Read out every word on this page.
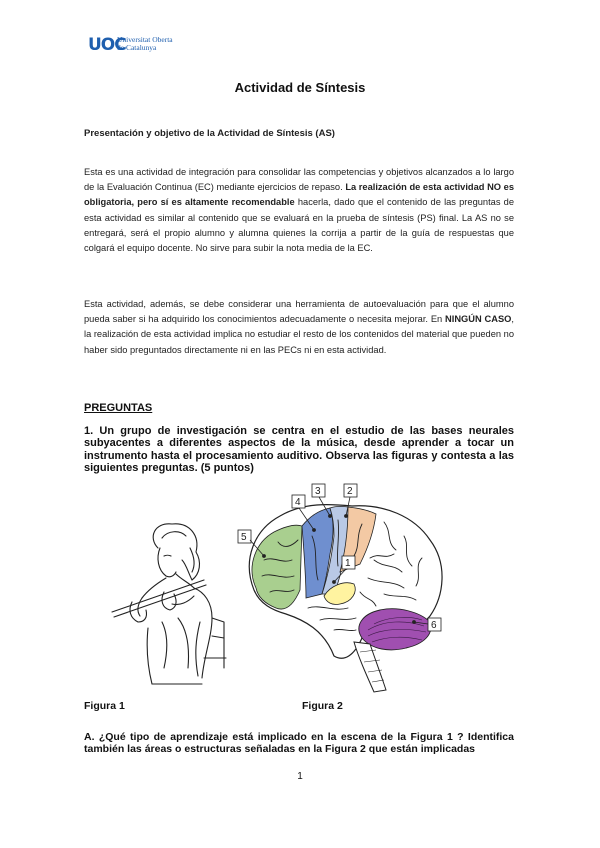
UOC
Universitat Oberta
de Catalunya
Actividad de Síntesis
Presentación y objetivo de la Actividad de Síntesis (AS)
Esta es una actividad de integración para consolidar las competencias y objetivos alcanzados a lo largo de la Evaluación Continua (EC) mediante ejercicios de repaso. La realización de esta actividad NO es obligatoria, pero sí es altamente recomendable hacerla, dado que el contenido de las preguntas de esta actividad es similar al contenido que se evaluará en la prueba de síntesis (PS) final. La AS no se entregará, será el propio alumno y alumna quienes la corrija a partir de la guía de respuestas que colgará el equipo docente. No sirve para subir la nota media de la EC.
Esta actividad, además, se debe considerar una herramienta de autoevaluación para que el alumno pueda saber si ha adquirido los conocimientos adecuadamente o necesita mejorar. En NINGÚN CASO, la realización de esta actividad implica no estudiar el resto de los contenidos del material que pueden no haber sido preguntados directamente ni en las PECs ni en esta actividad.
PREGUNTAS
1. Un grupo de investigación se centra en el estudio de las bases neurales subyacentes a diferentes aspectos de la música, desde aprender a tocar un instrumento hasta el procesamiento auditivo. Observa las figuras y contesta a las siguientes preguntas. (5 puntos)
4
3	2
5
1
6
Figura 1	Figura 2
A. ¿Qué tipo de aprendizaje está implicado en la escena de la Figura 1 ? Identifica también las áreas o estructuras señaladas en la Figura 2 que están implicadas
1
